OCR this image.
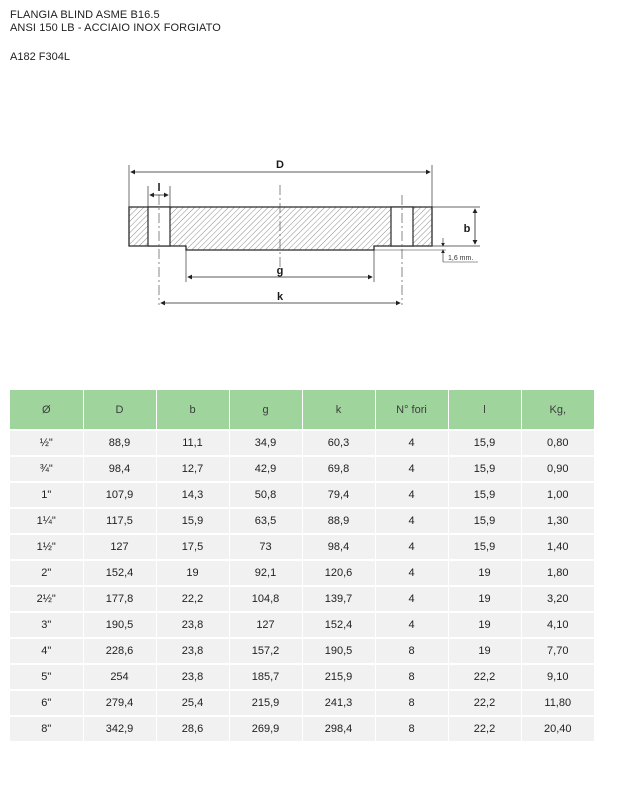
FLANGIA BLIND ASME B16.5
ANSI 150 LB - ACCIAIO INOX FORGIATO
A182 F304L
D
l
b
1,6 mm.
g
k
Ø	D	b	g	k	N° fori	l	Kg,
½"	88,9	11,1	34,9	60,3	4	15,9	0,80
¾"	98,4	12,7	42,9	69,8	4	15,9	0,90
1"	107,9	14,3	50,8	79,4	4	15,9	1,00
1¼"	117,5	15,9	63,5	88,9	4	15,9	1,30
1½"	127	17,5	73	98,4	4	15,9	1,40
2"	152,4	19	92,1	120,6	4	19	1,80
2½"	177,8	22,2	104,8	139,7	4	19	3,20
3"	190,5	23,8	127	152,4	4	19	4,10
4"	228,6	23,8	157,2	190,5	8	19	7,70
5"	254	23,8	185,7	215,9	8	22,2	9,10
6"	279,4	25,4	215,9	241,3	8	22,2	11,80
8"	342,9	28,6	269,9	298,4	8	22,2	20,40
